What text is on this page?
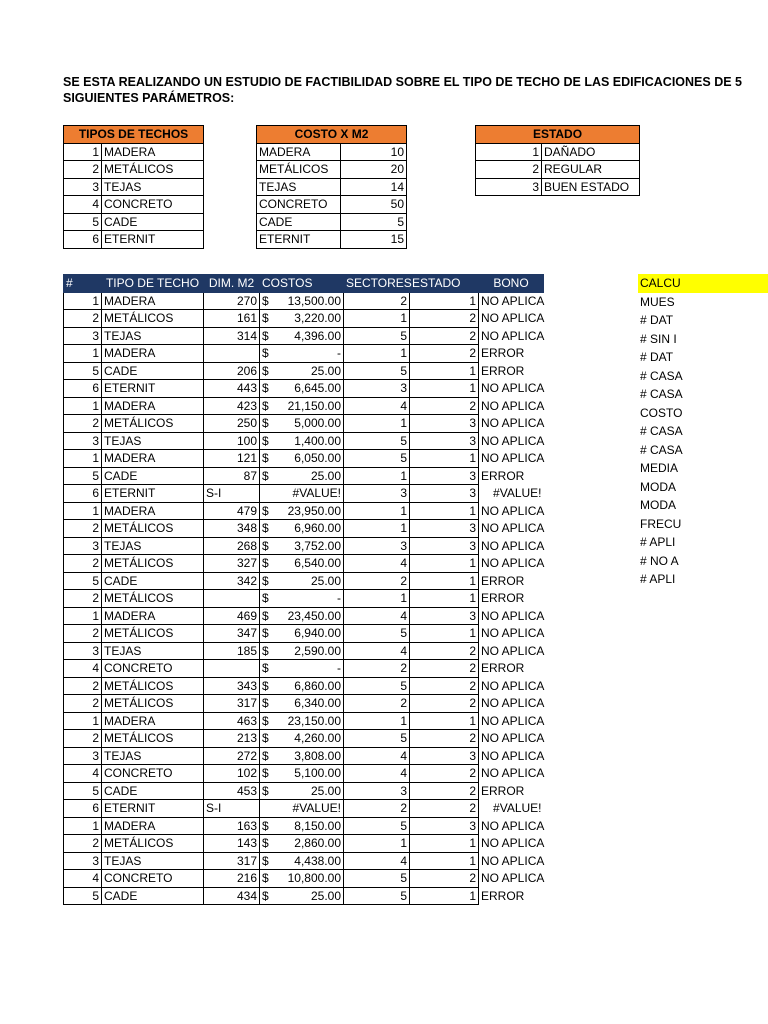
SE ESTA REALIZANDO UN ESTUDIO DE FACTIBILIDAD SOBRE EL TIPO DE TECHO DE LAS EDIFICACIONES DE 5
SIGUIENTES PARÁMETROS:
TIPOS DE TECHOS	
1	MADERA
2	METÁLICOS
3	TEJAS
4	CONCRETO
5	CADE
6	ETERNIT
COSTO X M2	
MADERA	10
METÁLICOS	20
TEJAS	14
CONCRETO	50
CADE	5
ETERNIT	15
ESTADO	
1	DAÑADO
2	REGULAR
3	BUEN ESTADO
#	TIPO DE TECHO	DIM. M2	COSTOS	SECTORES	ESTADO	BONO
1	MADERA	270	$ 13,500.00	2	1	NO APLICA
2	METÁLICOS	161	$ 3,220.00	1	2	NO APLICA
3	TEJAS	314	$ 4,396.00	5	2	NO APLICA
1	MADERA		$ -	1	2	ERROR
5	CADE	206	$ 25.00	5	1	ERROR
6	ETERNIT	443	$ 6,645.00	3	1	NO APLICA
1	MADERA	423	$ 21,150.00	4	2	NO APLICA
2	METÁLICOS	250	$ 5,000.00	1	3	NO APLICA
3	TEJAS	100	$ 1,400.00	5	3	NO APLICA
1	MADERA	121	$ 6,050.00	5	1	NO APLICA
5	CADE	87	$ 25.00	1	3	ERROR
6	ETERNIT	S-I	#VALUE!	3	3	#VALUE!
1	MADERA	479	$ 23,950.00	1	1	NO APLICA
2	METÁLICOS	348	$ 6,960.00	1	3	NO APLICA
3	TEJAS	268	$ 3,752.00	3	3	NO APLICA
2	METÁLICOS	327	$ 6,540.00	4	1	NO APLICA
5	CADE	342	$ 25.00	2	1	ERROR
2	METÁLICOS		$ -	1	1	ERROR
1	MADERA	469	$ 23,450.00	4	3	NO APLICA
2	METÁLICOS	347	$ 6,940.00	5	1	NO APLICA
3	TEJAS	185	$ 2,590.00	4	2	NO APLICA
4	CONCRETO		$ -	2	2	ERROR
2	METÁLICOS	343	$ 6,860.00	5	2	NO APLICA
2	METÁLICOS	317	$ 6,340.00	2	2	NO APLICA
1	MADERA	463	$ 23,150.00	1	1	NO APLICA
2	METÁLICOS	213	$ 4,260.00	5	2	NO APLICA
3	TEJAS	272	$ 3,808.00	4	3	NO APLICA
4	CONCRETO	102	$ 5,100.00	4	2	NO APLICA
5	CADE	453	$ 25.00	3	2	ERROR
6	ETERNIT	S-I	#VALUE!	2	2	#VALUE!
1	MADERA	163	$ 8,150.00	5	3	NO APLICA
2	METÁLICOS	143	$ 2,860.00	1	1	NO APLICA
3	TEJAS	317	$ 4,438.00	4	1	NO APLICA
4	CONCRETO	216	$ 10,800.00	5	2	NO APLICA
5	CADE	434	$ 25.00	5	1	ERROR
CALCU
MUES
# DAT
# SIN I
# DAT
# CASA
# CASA
COSTO
# CASA
# CASA
MEDIA
MODA
MODA
FRECU
# APLI
# NO A
# APLI
